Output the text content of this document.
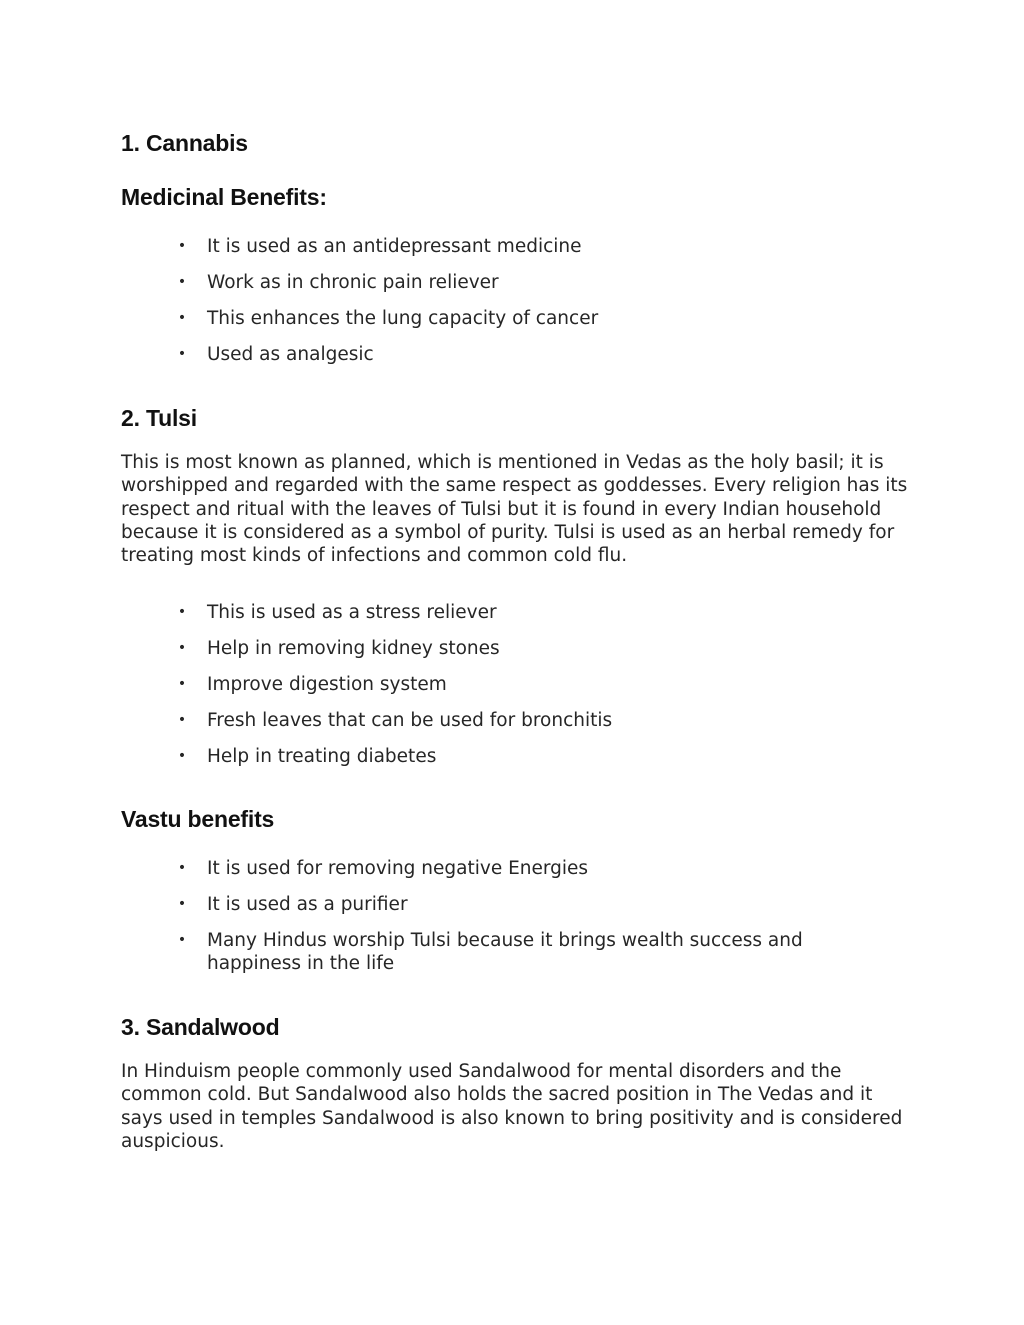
1. Cannabis
Medicinal Benefits:
• It is used as an antidepressant medicine
• Work as in chronic pain reliever
• This enhances the lung capacity of cancer
• Used as analgesic
2. Tulsi

This is most known as planned, which is mentioned in Vedas as the holy basil; it is worshipped and regarded with the same respect as goddesses. Every religion has its respect and ritual with the leaves of Tulsi but it is found in every Indian household because it is considered as a symbol of purity. Tulsi is used as an herbal remedy for treating most kinds of infections and common cold flu.

• This is used as a stress reliever
• Help in removing kidney stones
• Improve digestion system
• Fresh leaves that can be used for bronchitis
• Help in treating diabetes
Vastu benefits
• It is used for removing negative Energies
• It is used as a purifier
• Many Hindus worship Tulsi because it brings wealth success and happiness in the life
3. Sandalwood

In Hinduism people commonly used Sandalwood for mental disorders and the common cold. But Sandalwood also holds the sacred position in The Vedas and it says used in temples Sandalwood is also known to bring positivity and is considered auspicious.
